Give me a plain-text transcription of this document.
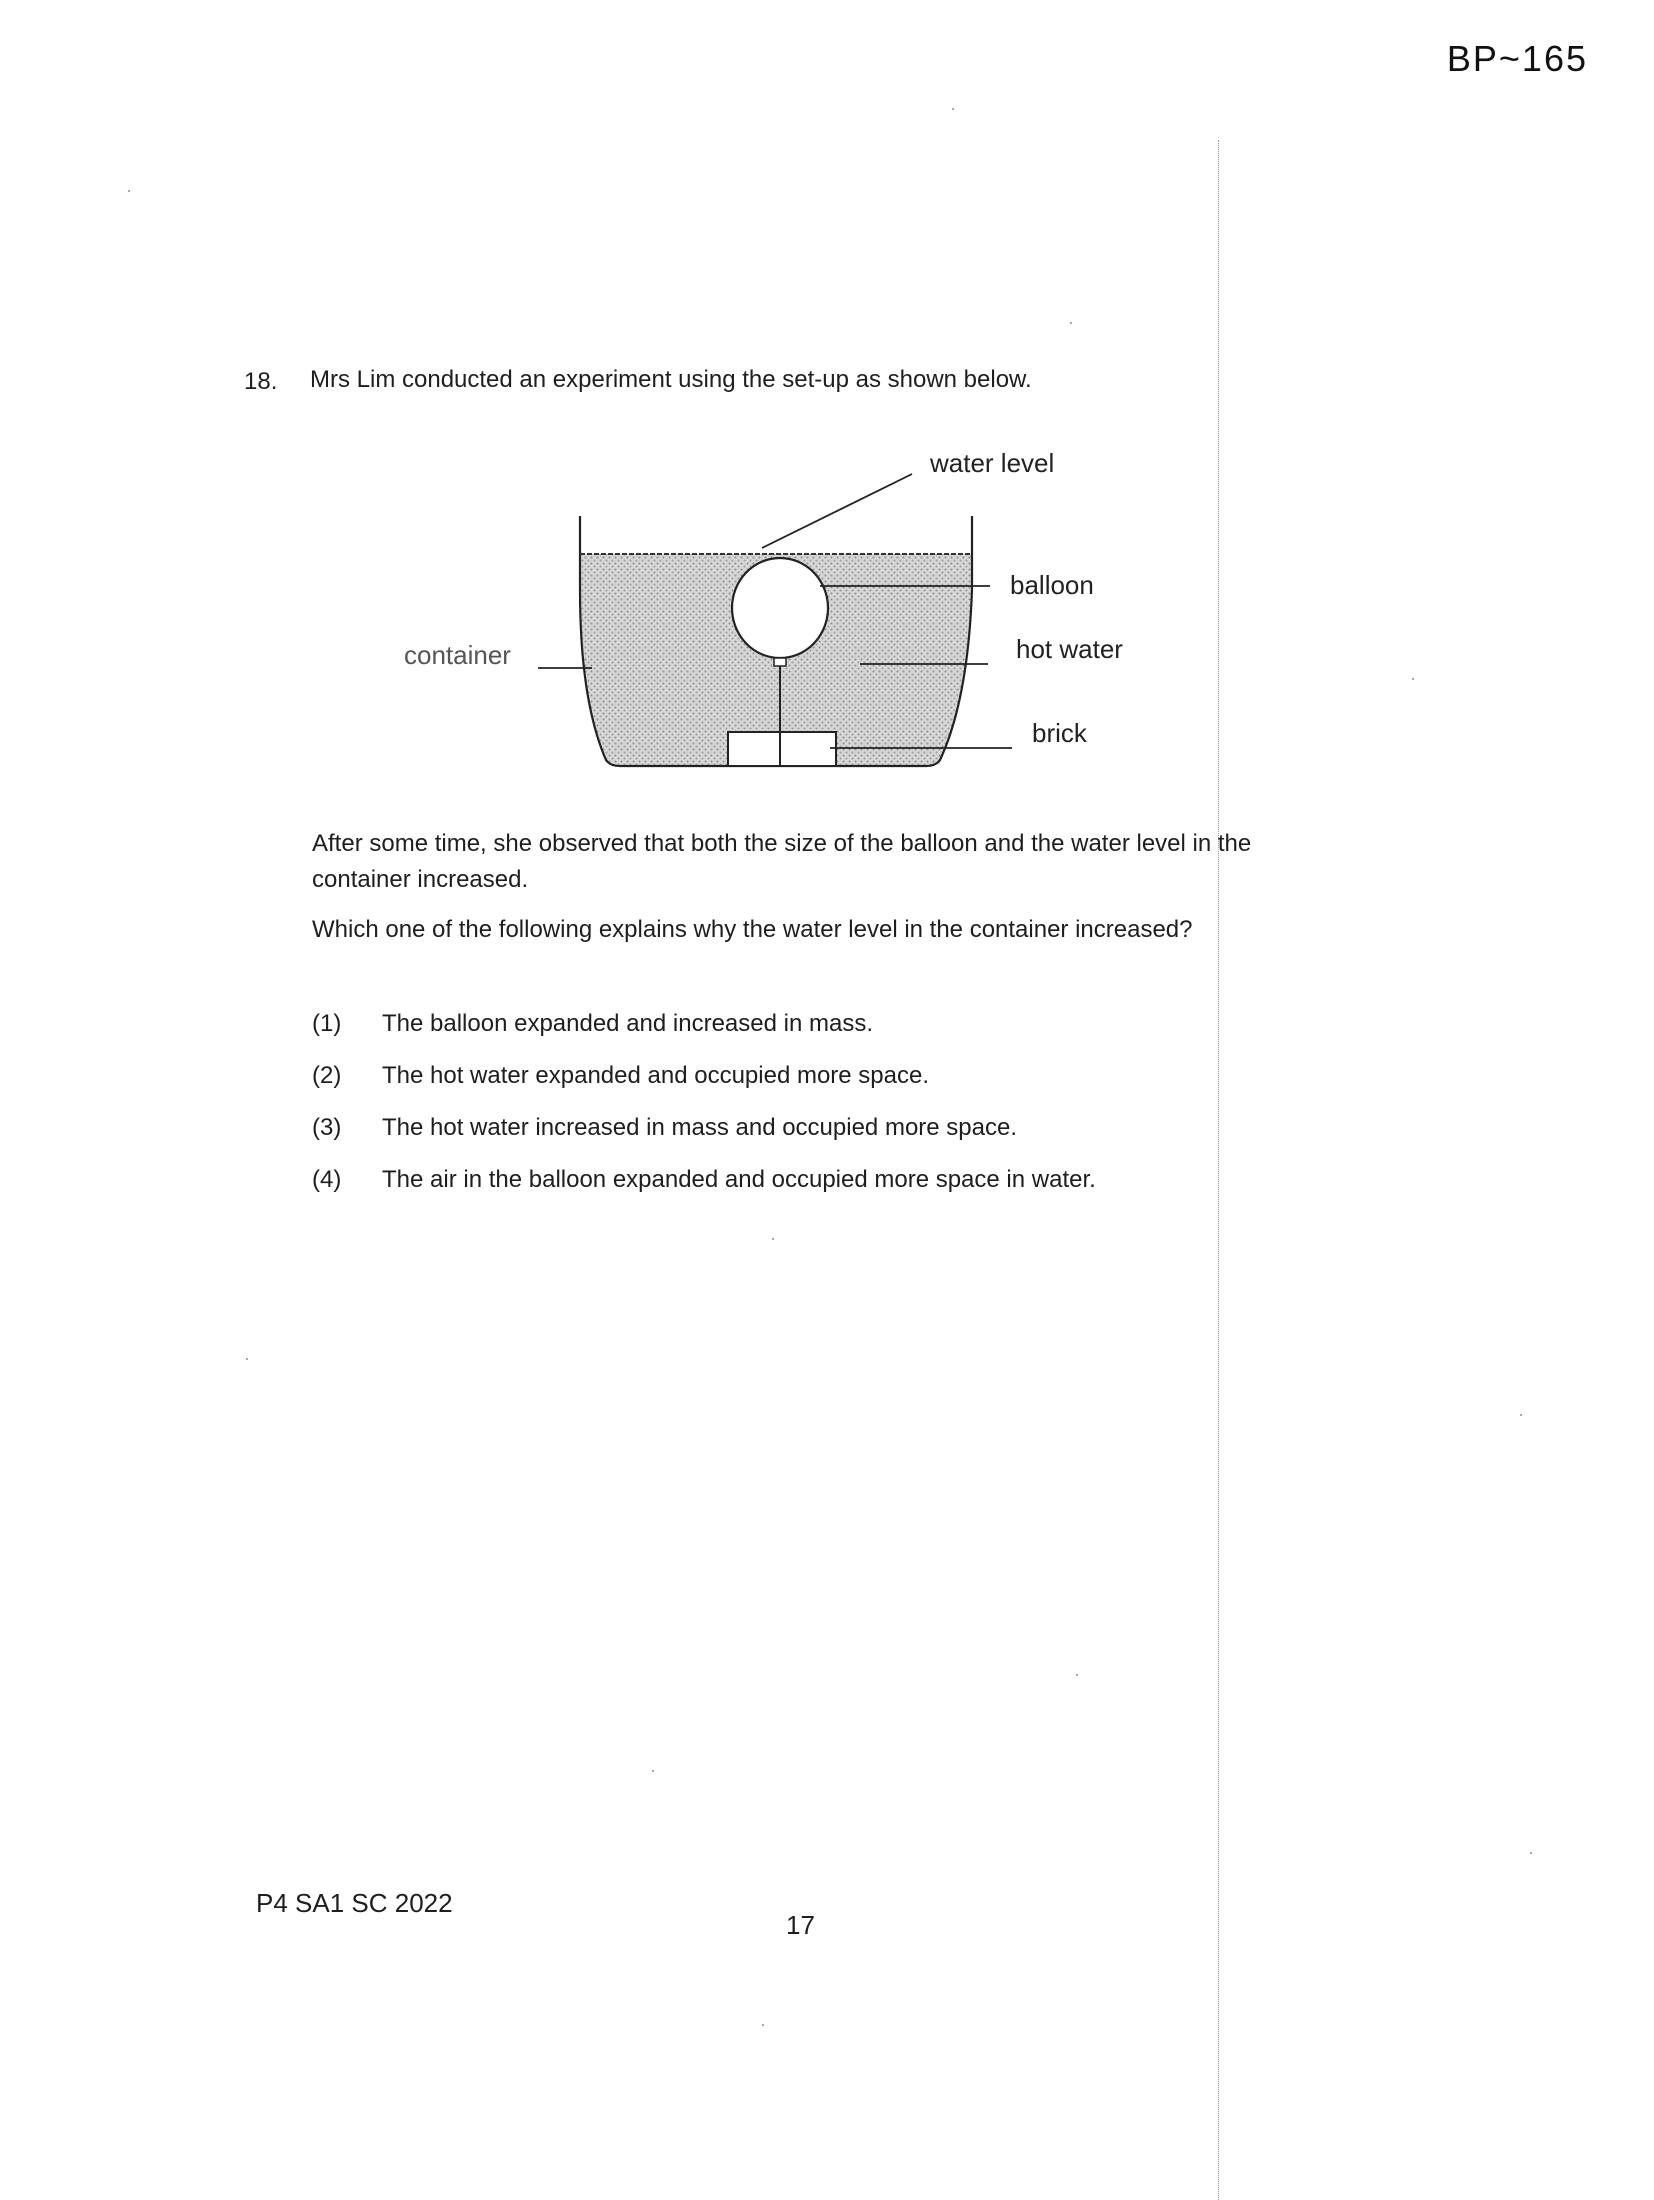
BP~165
18. Mrs Lim conducted an experiment using the set-up as shown below.
water level
balloon
hot water
container
brick
After some time, she observed that both the size of the balloon and the water level in the container increased.
Which one of the following explains why the water level in the container increased?
(1)	The balloon expanded and increased in mass.
(2)	The hot water expanded and occupied more space.
(3)	The hot water increased in mass and occupied more space.
(4)	The air in the balloon expanded and occupied more space in water.
P4 SA1 SC 2022
17
